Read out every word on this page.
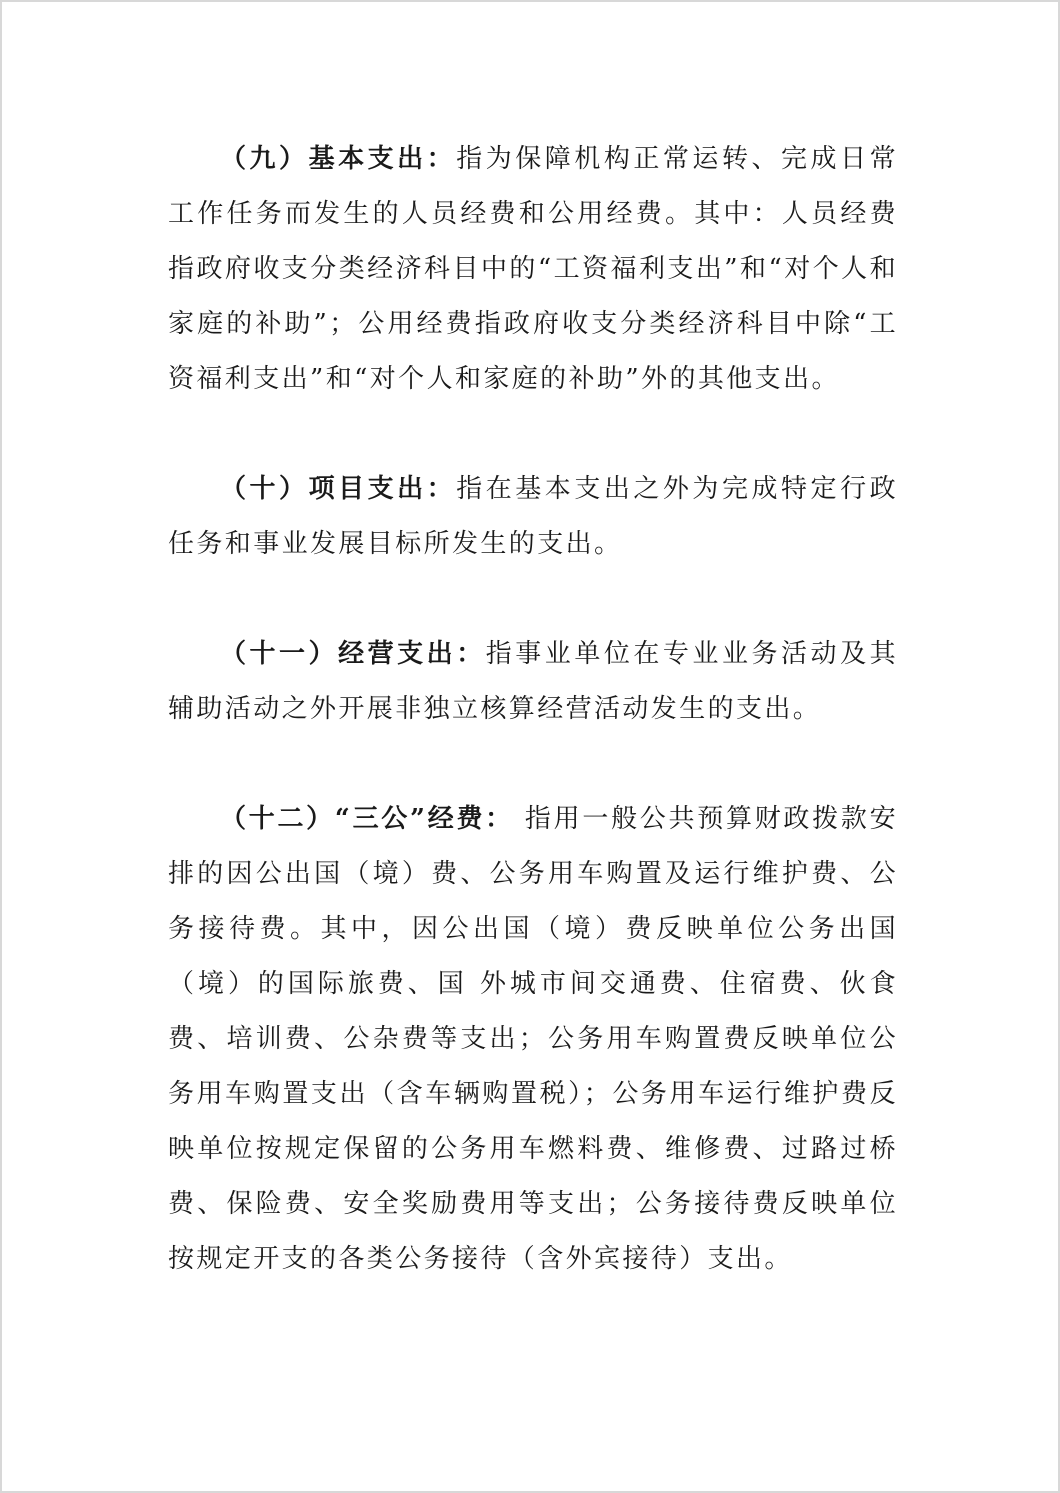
（九）基本支出：指为保障机构正常运转、完成日常工作任务而发生的人员经费和公用经费。其中：人员经费指政府收支分类经济科目中的“工资福利支出”和“对个人和家庭的补助”；公用经费指政府收支分类经济科目中除“工资福利支出”和“对个人和家庭的补助”外的其他支出。

（十）项目支出：指在基本支出之外为完成特定行政任务和事业发展目标所发生的支出。

（十一）经营支出：指事业单位在专业业务活动及其辅助活动之外开展非独立核算经营活动发生的支出。

（十二）“三公”经费： 指用一般公共预算财政拨款安排的因公出国（境）费、公务用车购置及运行维护费、公务接待费。其中，因公出国（境）费反映单位公务出国（境）的国际旅费、国 外城市间交通费、住宿费、伙食费、培训费、公杂费等支出；公务用车购置费反映单位公务用车购置支出（含车辆购置税）；公务用车运行维护费反映单位按规定保留的公务用车燃料费、维修费、过路过桥费、保险费、安全奖励费用等支出；公务接待费反映单位按规定开支的各类公务接待（含外宾接待）支出。
